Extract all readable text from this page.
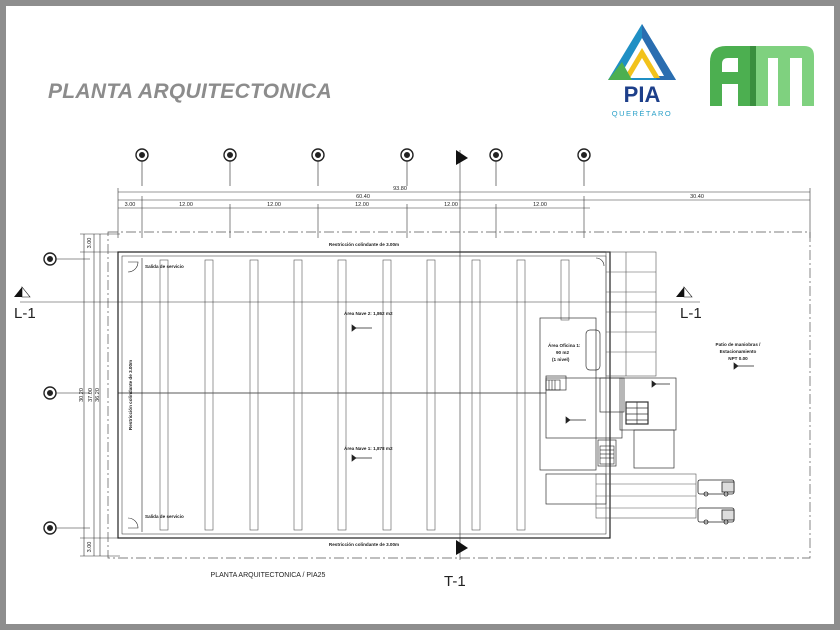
PLANTA ARQUITECTONICA	PIA
QUERÉTARO
93.80
60.40	30.40
3.00	12.00	12.00	12.00	12.00	12.00
3.00
3.00
30.20 37.00 36.20
L-1	L-1
T-1
Restricción colindante de 3.00m
Restricción colindante de 3.00m
Restricción colindante de 3.00m
Salida de servicio
Salida de servicio
Área Nave 2: 1,862 m2
Área Nave 1: 1,878 m2
Área Oficina 1:
90 m2
(1 nivel)
Patio de maniobras /
Estacionamiento
NPT 0.00
PLANTA ARQUITECTONICA / PIA25
